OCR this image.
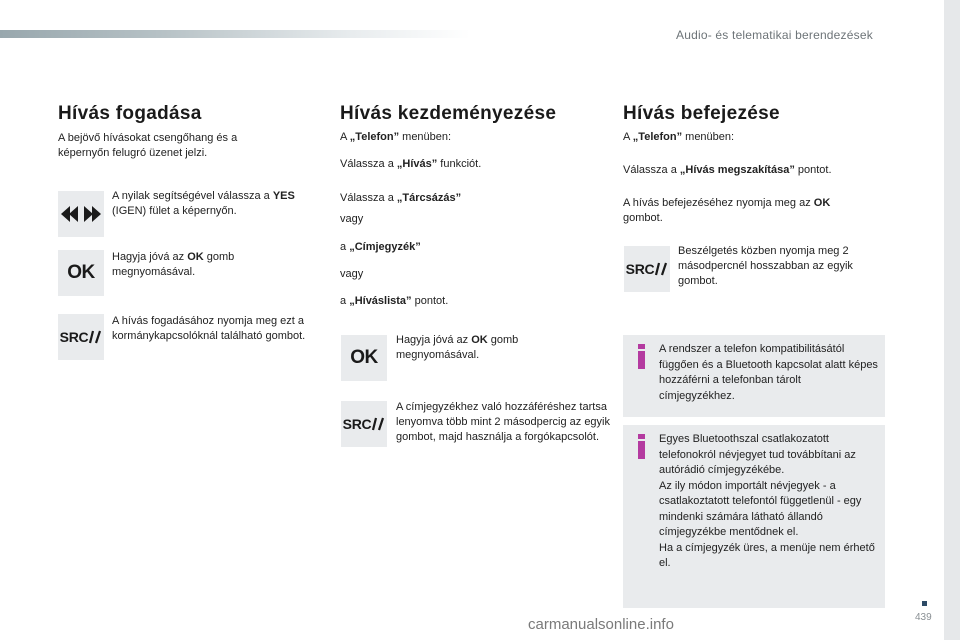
Audio- és telematikai berendezések
Hívás fogadása
A bejövő hívásokat csengőhang és a képernyőn felugró üzenet jelzi.
A nyilak segítségével válassza a YES (IGEN) fület a képernyőn.
OK
Hagyja jóvá az OK gomb megnyomásával.
SRC
A hívás fogadásához nyomja meg ezt a kormánykapcsolóknál található gombot.
Hívás kezdeményezése
A „Telefon” menüben:
Válassza a „Hívás” funkciót.
Válassza a „Tárcsázás”
vagy
a „Címjegyzék”
vagy
a „Híváslista” pontot.
OK
Hagyja jóvá az OK gomb megnyomásával.
SRC
A címjegyzékhez való hozzáféréshez tartsa lenyomva több mint 2 másodpercig az egyik gombot, majd használja a forgókapcsolót.
Hívás befejezése
A „Telefon” menüben:
Válassza a „Hívás megszakítása” pontot.
A hívás befejezéséhez nyomja meg az OK gombot.
SRC
Beszélgetés közben nyomja meg 2 másodpercnél hosszabban az egyik gombot.
A rendszer a telefon kompatibilitásától függően és a Bluetooth kapcsolat alatt képes hozzáférni a telefonban tárolt címjegyzékhez.
Egyes Bluetoothszal csatlakozatott telefonokról névjegyet tud továbbítani az autórádió címjegyzékébe.
Az ily módon importált névjegyek - a csatlakoztatott telefontól függetlenül - egy mindenki számára látható állandó címjegyzékbe mentődnek el.
Ha a címjegyzék üres, a menüje nem érhető el.
439
carmanualsonline.info
